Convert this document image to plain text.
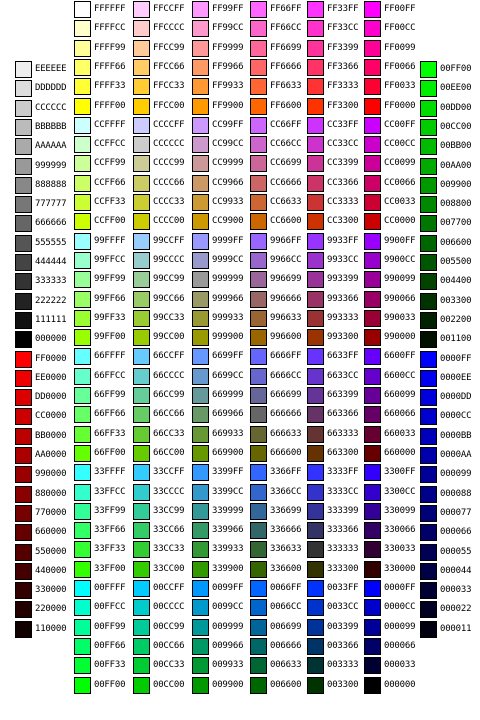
EEEEEE
DDDDDD
CCCCCC
BBBBBB
AAAAAA
999999
888888
777777
666666
555555
444444
333333
222222
111111
000000
FF0000
EE0000
DD0000
CC0000
BB0000
AA0000
990000
880000
770000
660000
550000
440000
330000
220000
110000
FFFFFF
FFFFCC
FFFF99
FFFF66
FFFF33
FFFF00
CCFFFF
CCFFCC
CCFF99
CCFF66
CCFF33
CCFF00
99FFFF
99FFCC
99FF99
99FF66
99FF33
99FF00
66FFFF
66FFCC
66FF99
66FF66
66FF33
66FF00
33FFFF
33FFCC
33FF99
33FF66
33FF33
33FF00
00FFFF
00FFCC
00FF99
00FF66
00FF33
00FF00
FFCCFF
FFCCCC
FFCC99
FFCC66
FFCC33
FFCC00
CCCCFF
CCCCCC
CCCC99
CCCC66
CCCC33
CCCC00
99CCFF
99CCCC
99CC99
99CC66
99CC33
99CC00
66CCFF
66CCCC
66CC99
66CC66
66CC33
66CC00
33CCFF
33CCCC
33CC99
33CC66
33CC33
33CC00
00CCFF
00CCCC
00CC99
00CC66
00CC33
00CC00
FF99FF
FF99CC
FF9999
FF9966
FF9933
FF9900
CC99FF
CC99CC
CC9999
CC9966
CC9933
CC9900
9999FF
9999CC
999999
999966
999933
999900
6699FF
6699CC
669999
669966
669933
669900
3399FF
3399CC
339999
339966
339933
339900
0099FF
0099CC
009999
009966
009933
009900
FF66FF
FF66CC
FF6699
FF6666
FF6633
FF6600
CC66FF
CC66CC
CC6699
CC6666
CC6633
CC6600
9966FF
9966CC
996699
996666
996633
996600
6666FF
6666CC
666699
666666
666633
666600
3366FF
3366CC
336699
336666
336633
336600
0066FF
0066CC
006699
006666
006633
006600
FF33FF
FF33CC
FF3399
FF3366
FF3333
FF3300
CC33FF
CC33CC
CC3399
CC3366
CC3333
CC3300
9933FF
9933CC
993399
993366
993333
993300
6633FF
6633CC
663399
663366
663333
663300
3333FF
3333CC
333399
333366
333333
333300
0033FF
0033CC
003399
003366
003333
003300
FF00FF
FF00CC
FF0099
FF0066
FF0033
FF0000
CC00FF
CC00CC
CC0099
CC0066
CC0033
CC0000
9900FF
9900CC
990099
990066
990033
990000
6600FF
6600CC
660099
660066
660033
660000
3300FF
3300CC
330099
330066
330033
330000
0000FF
0000CC
000099
000066
000033
000000
00FF00
00EE00
00DD00
00CC00
00BB00
00AA00
009900
008800
007700
006600
005500
004400
003300
002200
001100
0000FF
0000EE
0000DD
0000CC
0000BB
0000AA
000099
000088
000077
000066
000055
000044
000033
000022
000011
